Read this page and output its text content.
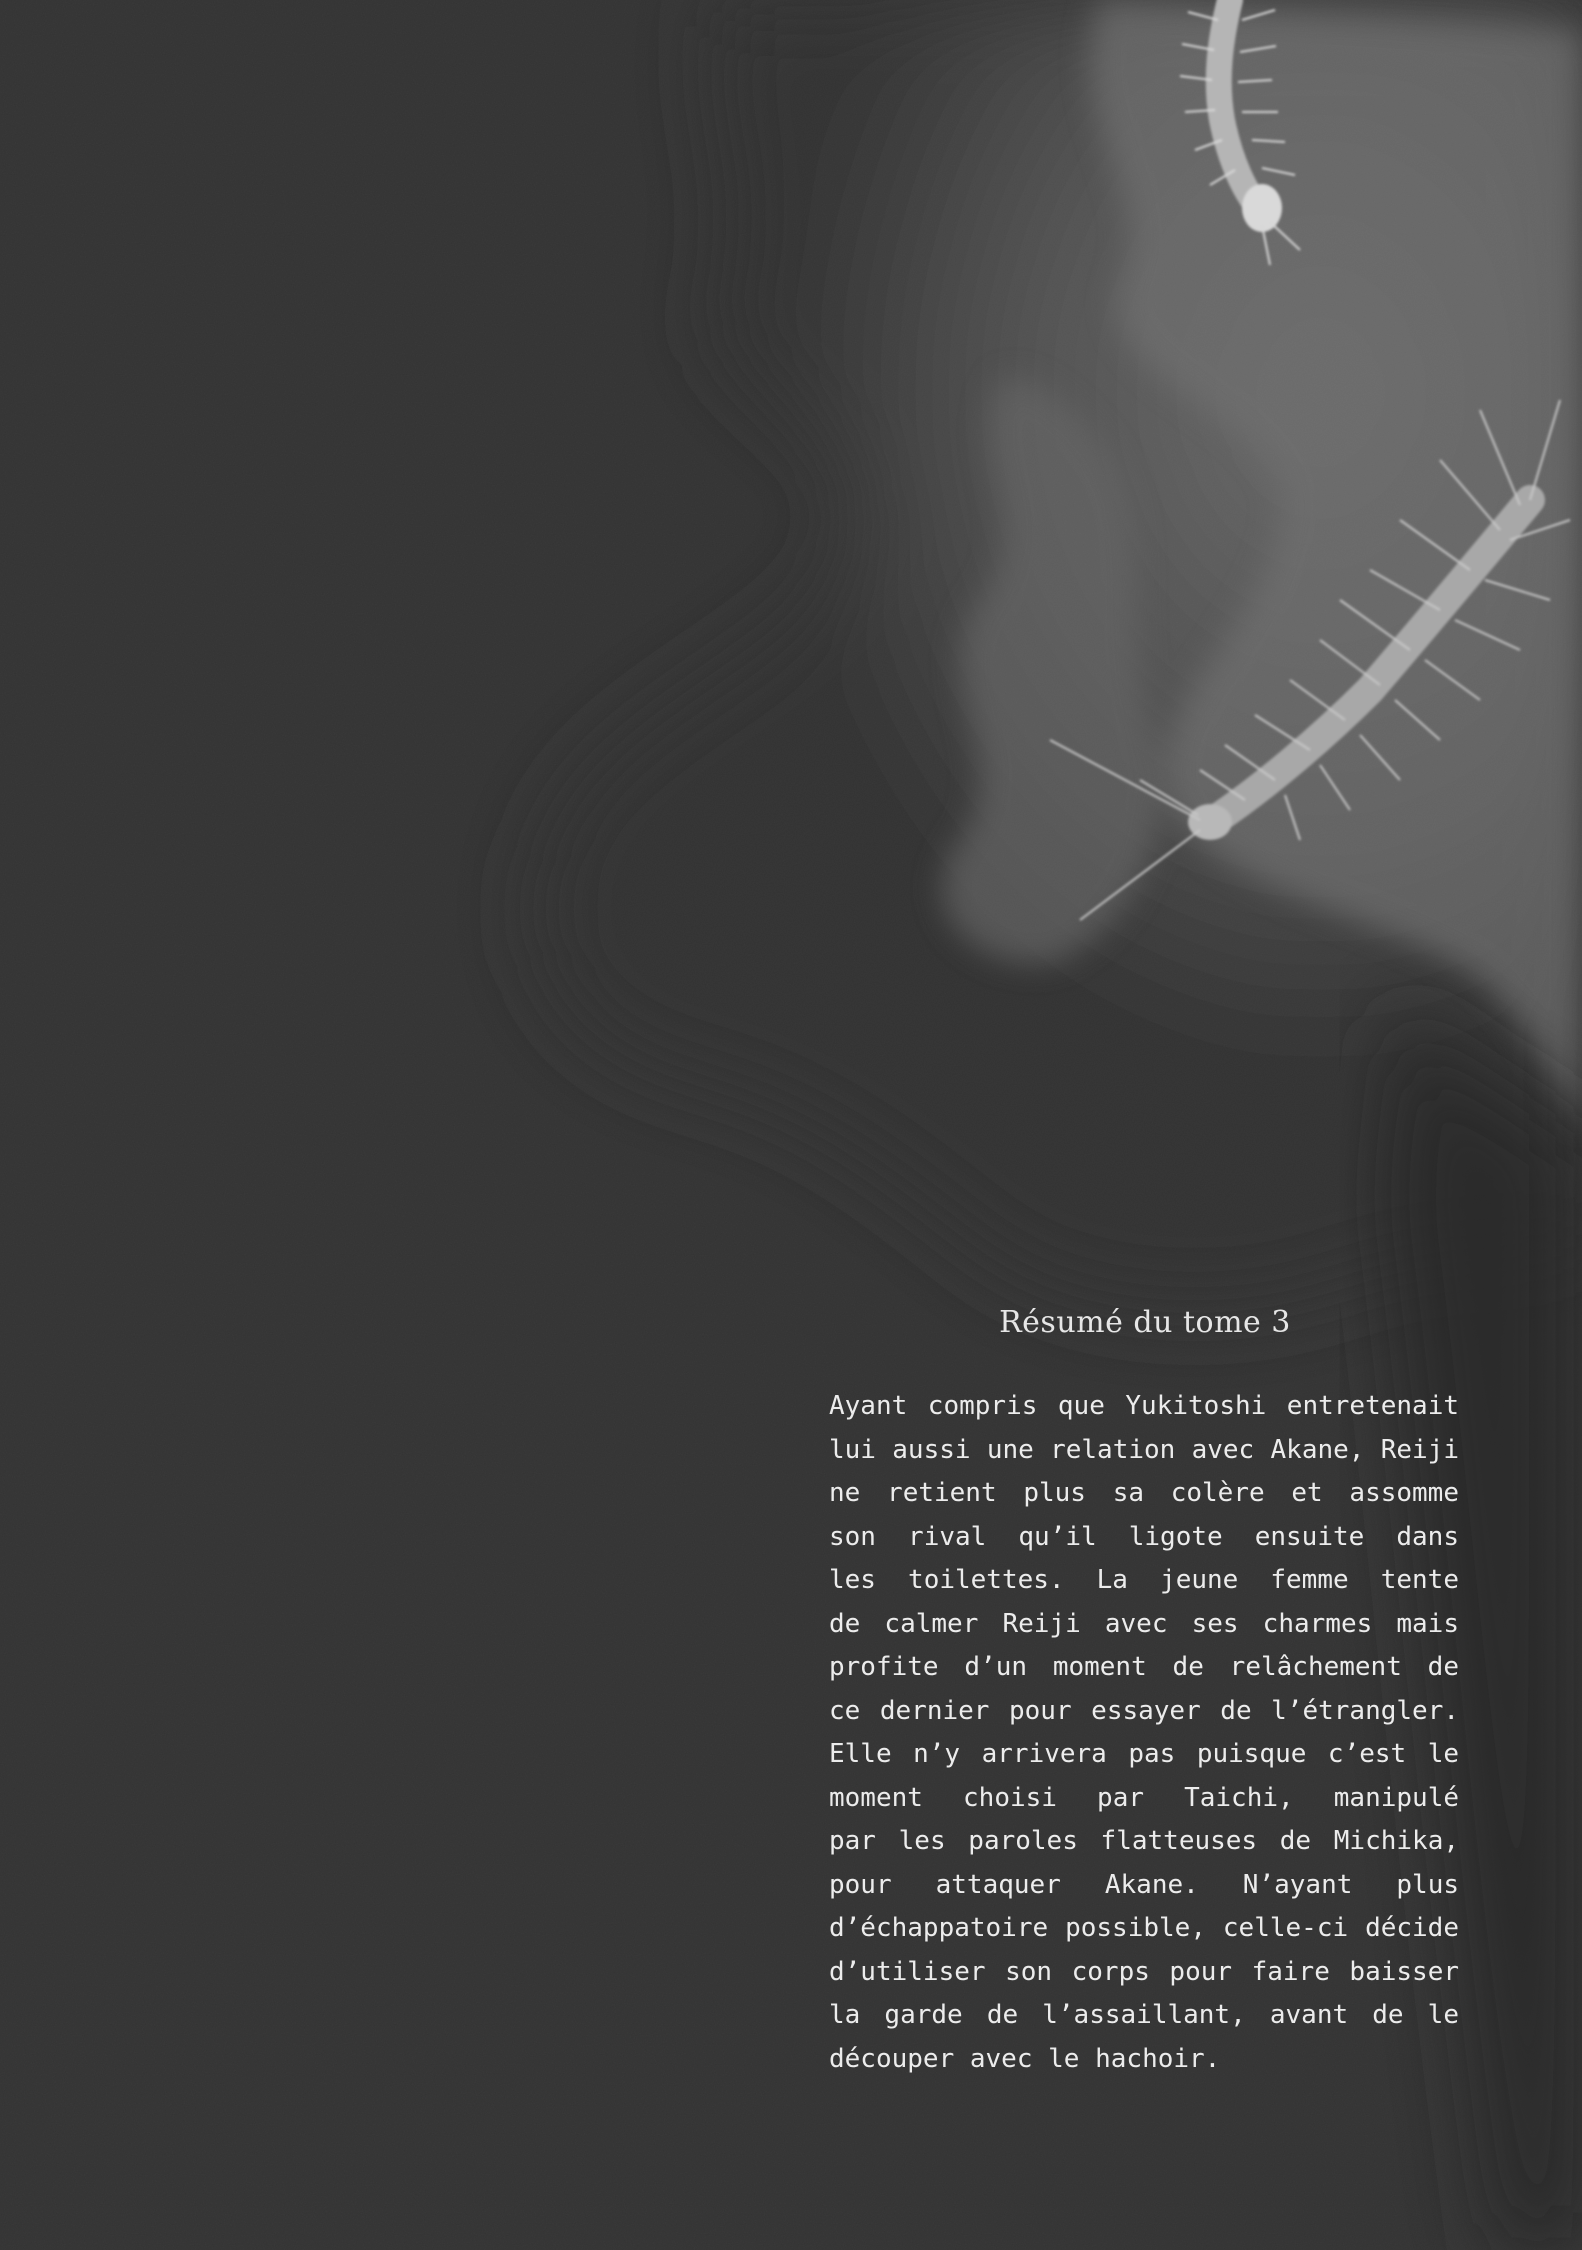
Résumé du tome 3
Ayant compris que Yukitoshi entretenait
lui aussi une relation avec Akane, Reiji
ne retient plus sa colère et assomme
son rival qu’il ligote ensuite dans
les toilettes. La jeune femme tente
de calmer Reiji avec ses charmes mais
profite d’un moment de relâchement de
ce dernier pour essayer de l’étrangler.
Elle n’y arrivera pas puisque c’est le
moment choisi par Taichi, manipulé
par les paroles flatteuses de Michika,
pour attaquer Akane. N’ayant plus
d’échappatoire possible, celle-ci décide
d’utiliser son corps pour faire baisser
la garde de l’assaillant, avant de le
découper avec le hachoir.
